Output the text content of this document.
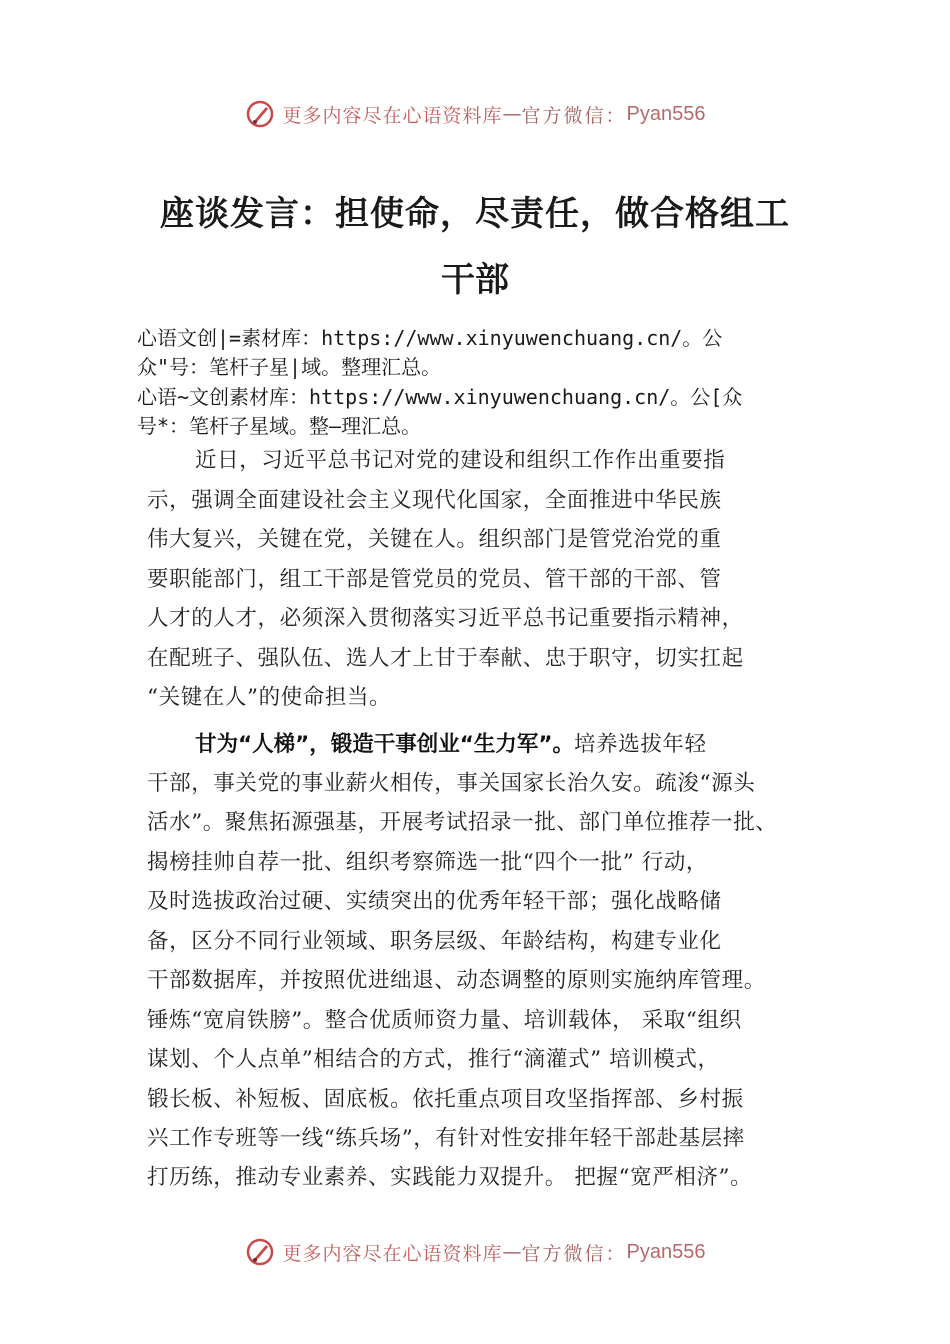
更多内容尽在心语资料库 — 官方微信： Pyan556
座谈发言：担使命，尽责任，做合格组工
干部
心语文创|=素材库：https://www.xinyuwenchuang.cn/。公
众"号：笔杆子星|域。整理汇总。
心语~文创素材库：https://www.xinyuwenchuang.cn/。公[众
号*：笔杆子星域。整—理汇总。
近日，习近平总书记对党的建设和组织工作作出重要指
示，强调全面建设社会主义现代化国家，全面推进中华民族
伟大复兴，关键在党，关键在人。组织部门是管党治党的重
要职能部门，组工干部是管党员的党员、管干部的干部、管
人才的人才，必须深入贯彻落实习近平总书记重要指示精神，
在配班子、强队伍、选人才上甘于奉献、忠于职守，切实扛起
“关键在人”的使命担当。
甘为“人梯”，锻造干事创业“生力军”。培养选拔年轻
干部，事关党的事业薪火相传，事关国家长治久安。疏浚“源头
活水”。聚焦拓源强基，开展考试招录一批、部门单位推荐一批、
揭榜挂帅自荐一批、组织考察筛选一批“四个一批” 行动，
及时选拔政治过硬、实绩突出的优秀年轻干部；强化战略储
备，区分不同行业领域、职务层级、年龄结构，构建专业化
干部数据库，并按照优进绌退、动态调整的原则实施纳库管理。
锤炼“宽肩铁膀”。整合优质师资力量、培训载体， 采取“组织
谋划、个人点单”相结合的方式，推行“滴灌式” 培训模式，
锻长板、补短板、固底板。依托重点项目攻坚指挥部、乡村振
兴工作专班等一线“练兵场”，有针对性安排年轻干部赴基层摔
打历练，推动专业素养、实践能力双提升。 把握“宽严相济”。
更多内容尽在心语资料库 — 官方微信： Pyan556
